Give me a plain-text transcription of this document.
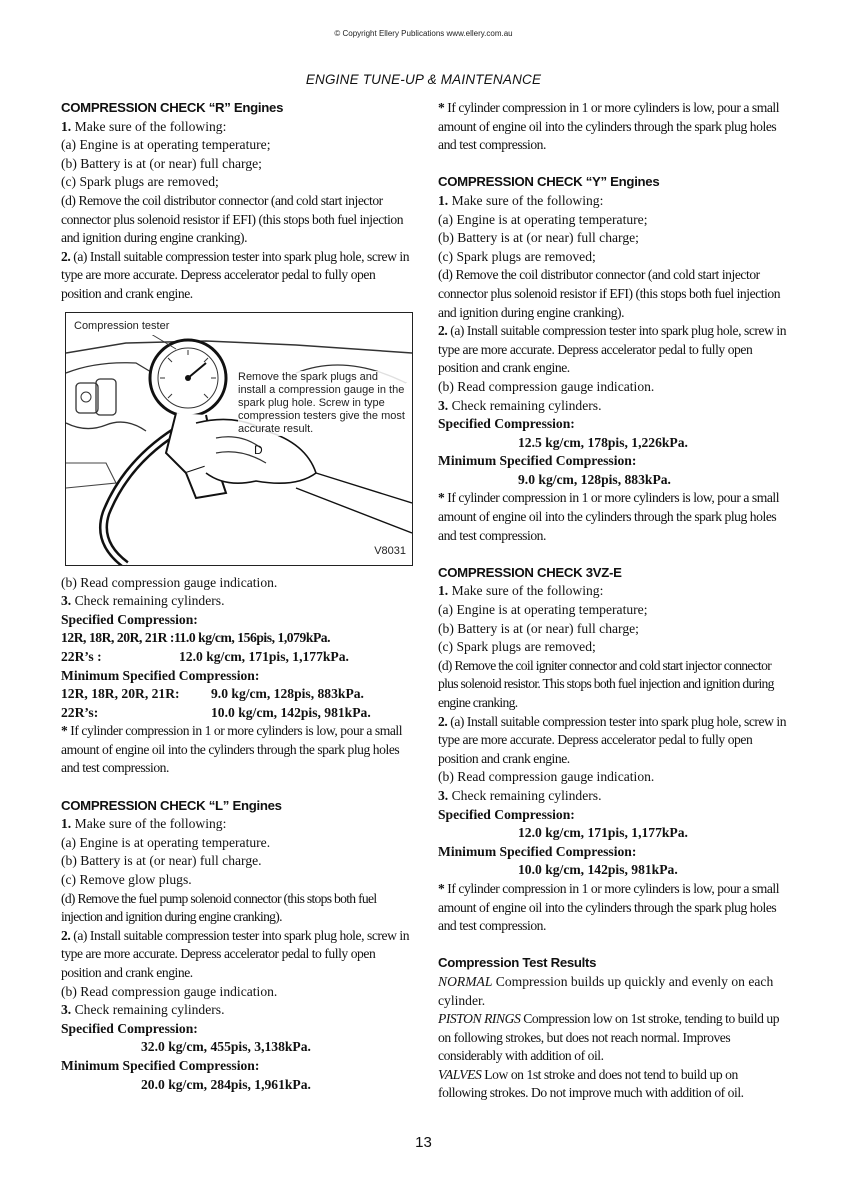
© Copyright Ellery Publications www.ellery.com.au
ENGINE TUNE-UP & MAINTENANCE

COMPRESSION CHECK “R” Engines

1. Make sure of the following:

(a) Engine is at operating temperature;

(b) Battery is at (or near) full charge;

(c) Spark plugs are removed;

(d) Remove the coil distributor connector (and cold start injector connector plus solenoid resistor if EFI) (this stops both fuel injection and ignition during engine cranking).

2. (a) Install suitable compression tester into spark plug hole, screw in type are more accurate. Depress accelerator pedal to fully open position and crank engine.

D
Compression tester
Remove the spark plugs and install a compression gauge in the spark plug hole. Screw in type compression testers give the most accurate result.
V8031

(b) Read compression gauge indication.

3. Check remaining cylinders.

Specified Compression:

12R, 18R, 20R, 21R :11.0 kg/cm, 156pis, 1,079kPa.

22R’s :	12.0 kg/cm, 171pis, 1,177kPa.

Minimum Specified Compression:

12R, 18R, 20R, 21R:	9.0 kg/cm, 128pis, 883kPa.
22R’s:	10.0 kg/cm, 142pis, 981kPa.

* If cylinder compression in 1 or more cylinders is low, pour a small amount of engine oil into the cylinders through the spark plug holes and test compression.

COMPRESSION CHECK “L” Engines

1. Make sure of the following:

(a) Engine is at operating temperature.

(b) Battery is at (or near) full charge.

(c) Remove glow plugs.

(d) Remove the fuel pump solenoid connector (this stops both fuel injection and ignition during engine cranking).

2. (a) Install suitable compression tester into spark plug hole, screw in type are more accurate. Depress accelerator pedal to fully open position and crank engine.

(b) Read compression gauge indication.

3. Check remaining cylinders.

Specified Compression:

32.0 kg/cm, 455pis, 3,138kPa.

Minimum Specified Compression:

20.0 kg/cm, 284pis, 1,961kPa.

* If cylinder compression in 1 or more cylinders is low, pour a small amount of engine oil into the cylinders through the spark plug holes and test compression.

COMPRESSION CHECK “Y” Engines

1. Make sure of the following:

(a) Engine is at operating temperature;

(b) Battery is at (or near) full charge;

(c) Spark plugs are removed;

(d) Remove the coil distributor connector (and cold start injector connector plus solenoid resistor if EFI) (this stops both fuel injection and ignition during engine cranking).

2. (a) Install suitable compression tester into spark plug hole, screw in type are more accurate. Depress accelerator pedal to fully open position and crank engine.

(b) Read compression gauge indication.

3. Check remaining cylinders.

Specified Compression:

12.5 kg/cm, 178pis, 1,226kPa.

Minimum Specified Compression:

9.0 kg/cm, 128pis, 883kPa.

* If cylinder compression in 1 or more cylinders is low, pour a small amount of engine oil into the cylinders through the spark plug holes and test compression.

COMPRESSION CHECK 3VZ-E

1. Make sure of the following:

(a) Engine is at operating temperature;

(b) Battery is at (or near) full charge;

(c) Spark plugs are removed;

(d) Remove the coil igniter connector and cold start injector connector plus solenoid resistor. This stops both fuel injection and ignition during engine cranking.

2. (a) Install suitable compression tester into spark plug hole, screw in type are more accurate. Depress accelerator pedal to fully open position and crank engine.

(b) Read compression gauge indication.

3. Check remaining cylinders.

Specified Compression:

12.0 kg/cm, 171pis, 1,177kPa.

Minimum Specified Compression:

10.0 kg/cm, 142pis, 981kPa.

* If cylinder compression in 1 or more cylinders is low, pour a small amount of engine oil into the cylinders through the spark plug holes and test compression.

Compression Test Results

NORMAL Compression builds up quickly and evenly on each cylinder.

PISTON RINGS Compression low on 1st stroke, tending to build up on following strokes, but does not reach normal. Improves considerably with addition of oil.

VALVES Low on 1st stroke and does not tend to build up on following strokes. Do not improve much with addition of oil.

13
